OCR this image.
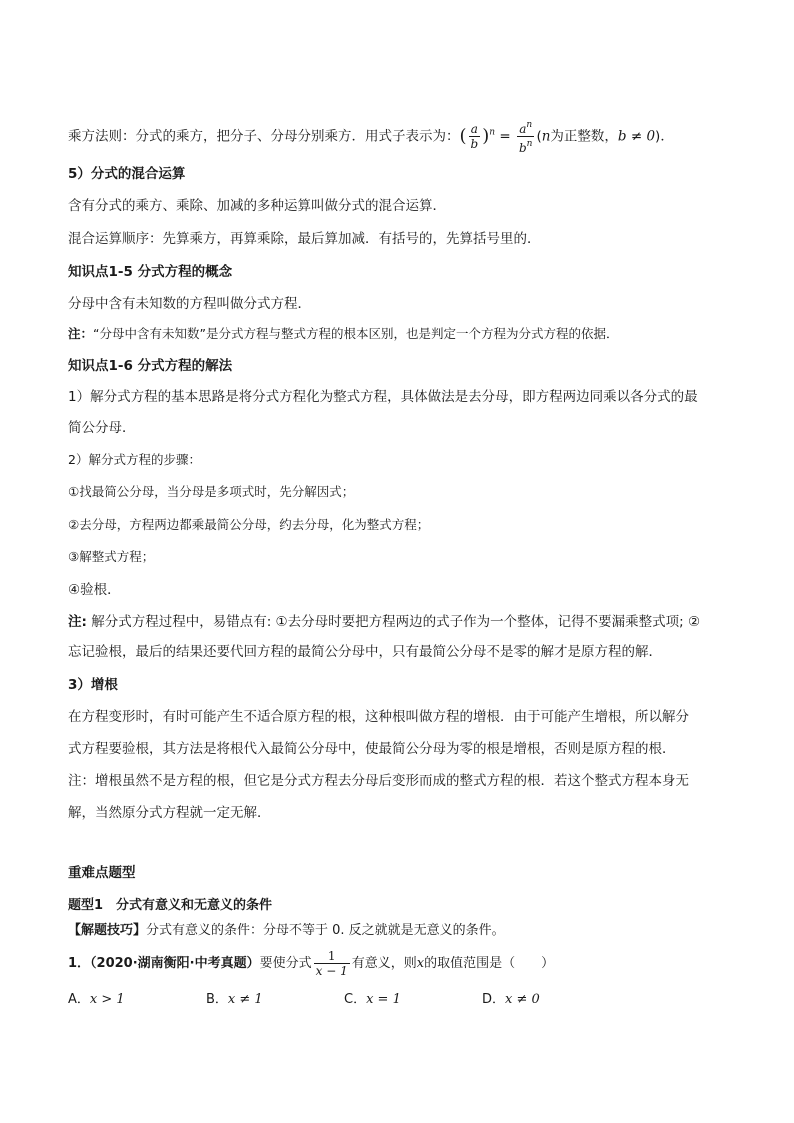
乘方法则：分式的乘方，把分子、分母分别乘方．用式子表示为：( $\frac{a}{b} )^n = \frac{a^n}{b^n} (n$为正整数，b ≠ 0)．
5）分式的混合运算
含有分式的乘方、乘除、加减的多种运算叫做分式的混合运算．
混合运算顺序：先算乘方，再算乘除，最后算加减．有括号的，先算括号里的．
知识点1-5 分式方程的概念
分母中含有未知数的方程叫做分式方程．
注：“分母中含有未知数”是分式方程与整式方程的根本区别，也是判定一个方程为分式方程的依据．
知识点1-6 分式方程的解法
1）解分式方程的基本思路是将分式方程化为整式方程，具体做法是去分母，即方程两边同乘以各分式的最
简公分母．
2）解分式方程的步骤：
①找最简公分母，当分母是多项式时，先分解因式；
②去分母，方程两边都乘最简公分母，约去分母，化为整式方程；
③解整式方程；
④验根．
注: 解分式方程过程中，易错点有: ①去分母时要把方程两边的式子作为一个整体，记得不要漏乘整式项; ②
忘记验根，最后的结果还要代回方程的最简公分母中，只有最简公分母不是零的解才是原方程的解．
3）增根
在方程变形时，有时可能产生不适合原方程的根，这种根叫做方程的增根．由于可能产生增根，所以解分
式方程要验根，其方法是将根代入最简公分母中，使最简公分母为零的根是增根，否则是原方程的根．
注：增根虽然不是方程的根，但它是分式方程去分母后变形而成的整式方程的根．若这个整式方程本身无
解，当然原分式方程就一定无解．
重难点题型
题型1　分式有意义和无意义的条件
【解题技巧】分式有意义的条件：分母不等于 0. 反之就就是无意义的条件。
1．（2020·湖南衡阳·中考真题）要使分式 $\frac{1}{x - 1}$ 有意义，则x的取值范围是（　　）
A．x > 1	B．x ≠ 1	C．x = 1	D．x ≠ 0
